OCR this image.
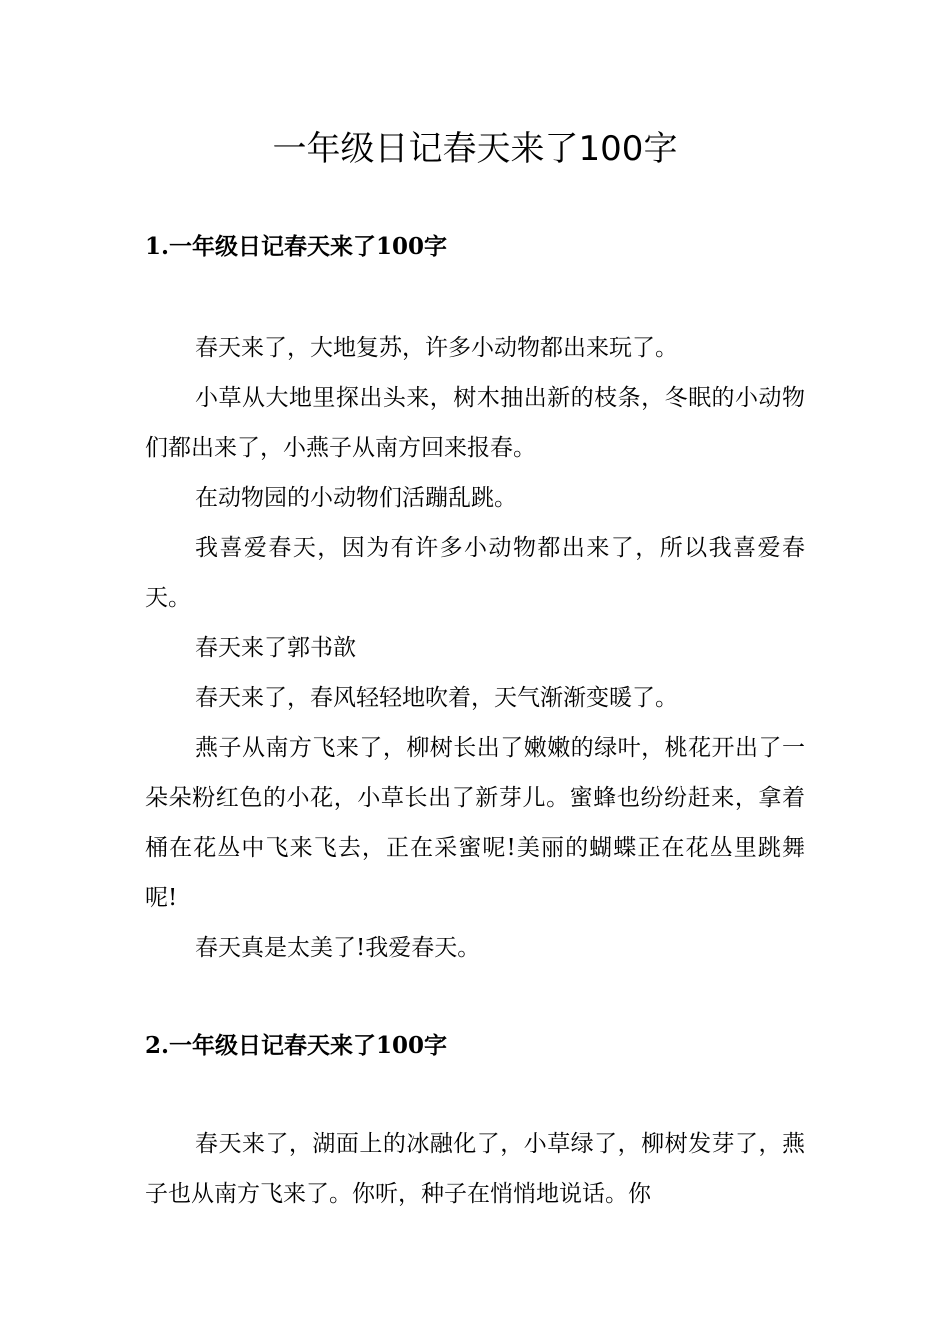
一年级日记春天来了100字
1.一年级日记春天来了100字

春天来了，大地复苏，许多小动物都出来玩了。

小草从大地里探出头来，树木抽出新的枝条，冬眠的小动物们都出来了，小燕子从南方回来报春。

在动物园的小动物们活蹦乱跳。

我喜爱春天，因为有许多小动物都出来了，所以我喜爱春天。

春天来了郭书歆

春天来了，春风轻轻地吹着，天气渐渐变暖了。

燕子从南方飞来了，柳树长出了嫩嫩的绿叶，桃花开出了一朵朵粉红色的小花，小草长出了新芽儿。蜜蜂也纷纷赶来，拿着桶在花丛中飞来飞去，正在采蜜呢!美丽的蝴蝶正在花丛里跳舞呢!

春天真是太美了!我爱春天。

2.一年级日记春天来了100字

春天来了，湖面上的冰融化了，小草绿了，柳树发芽了，燕子也从南方飞来了。你听，种子在悄悄地说话。你
